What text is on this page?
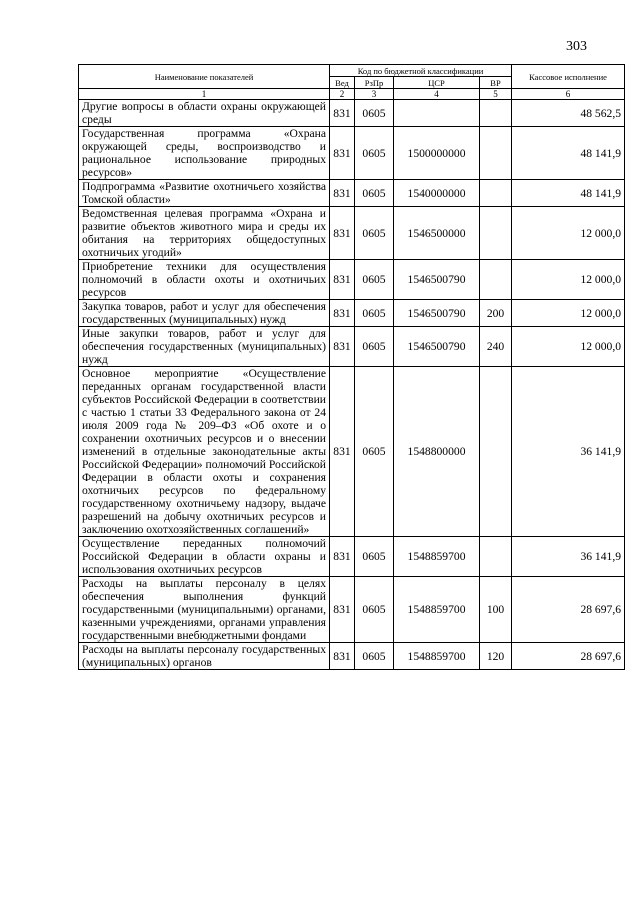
303
Наименование показателей	Код по бюджетной классификации				Кассовое исполнение
	Вед	РзПр	ЦСР	ВР	
1	2	3	4	5	6
Другие вопросы в области охраны окружающей среды	831	0605			48 562,5
Государственная программа «Охрана окружающей среды, воспроизводство и рациональное использование природных ресурсов»	831	0605	1500000000		48 141,9
Подпрограмма «Развитие охотничьего хозяйства Томской области»	831	0605	1540000000		48 141,9
Ведомственная целевая программа «Охрана и развитие объектов животного мира и среды их обитания на территориях общедоступных охотничьих угодий»	831	0605	1546500000		12 000,0
Приобретение техники для осуществления полномочий в области охоты и охотничьих ресурсов	831	0605	1546500790		12 000,0
Закупка товаров, работ и услуг для обеспечения государственных (муниципальных) нужд	831	0605	1546500790	200	12 000,0
Иные закупки товаров, работ и услуг для обеспечения государственных (муниципальных) нужд	831	0605	1546500790	240	12 000,0
Основное мероприятие «Осуществление переданных органам государственной власти субъектов Российской Федерации в соответствии с частью 1 статьи 33 Федерального закона от 24 июля 2009 года № 209–ФЗ «Об охоте и о сохранении охотничьих ресурсов и о внесении изменений в отдельные законодательные акты Российской Федерации» полномочий Российской Федерации в области охоты и сохранения охотничьих ресурсов по федеральному государственному охотничьему надзору, выдаче разрешений на добычу охотничьих ресурсов и заключению охотхозяйственных соглашений»	831	0605	1548800000		36 141,9
Осуществление переданных полномочий Российской Федерации в области охраны и использования охотничьих ресурсов	831	0605	1548859700		36 141,9
Расходы на выплаты персоналу в целях обеспечения выполнения функций государственными (муниципальными) органами, казенными учреждениями, органами управления государственными внебюджетными фондами	831	0605	1548859700	100	28 697,6
Расходы на выплаты персоналу государственных (муниципальных) органов	831	0605	1548859700	120	28 697,6
